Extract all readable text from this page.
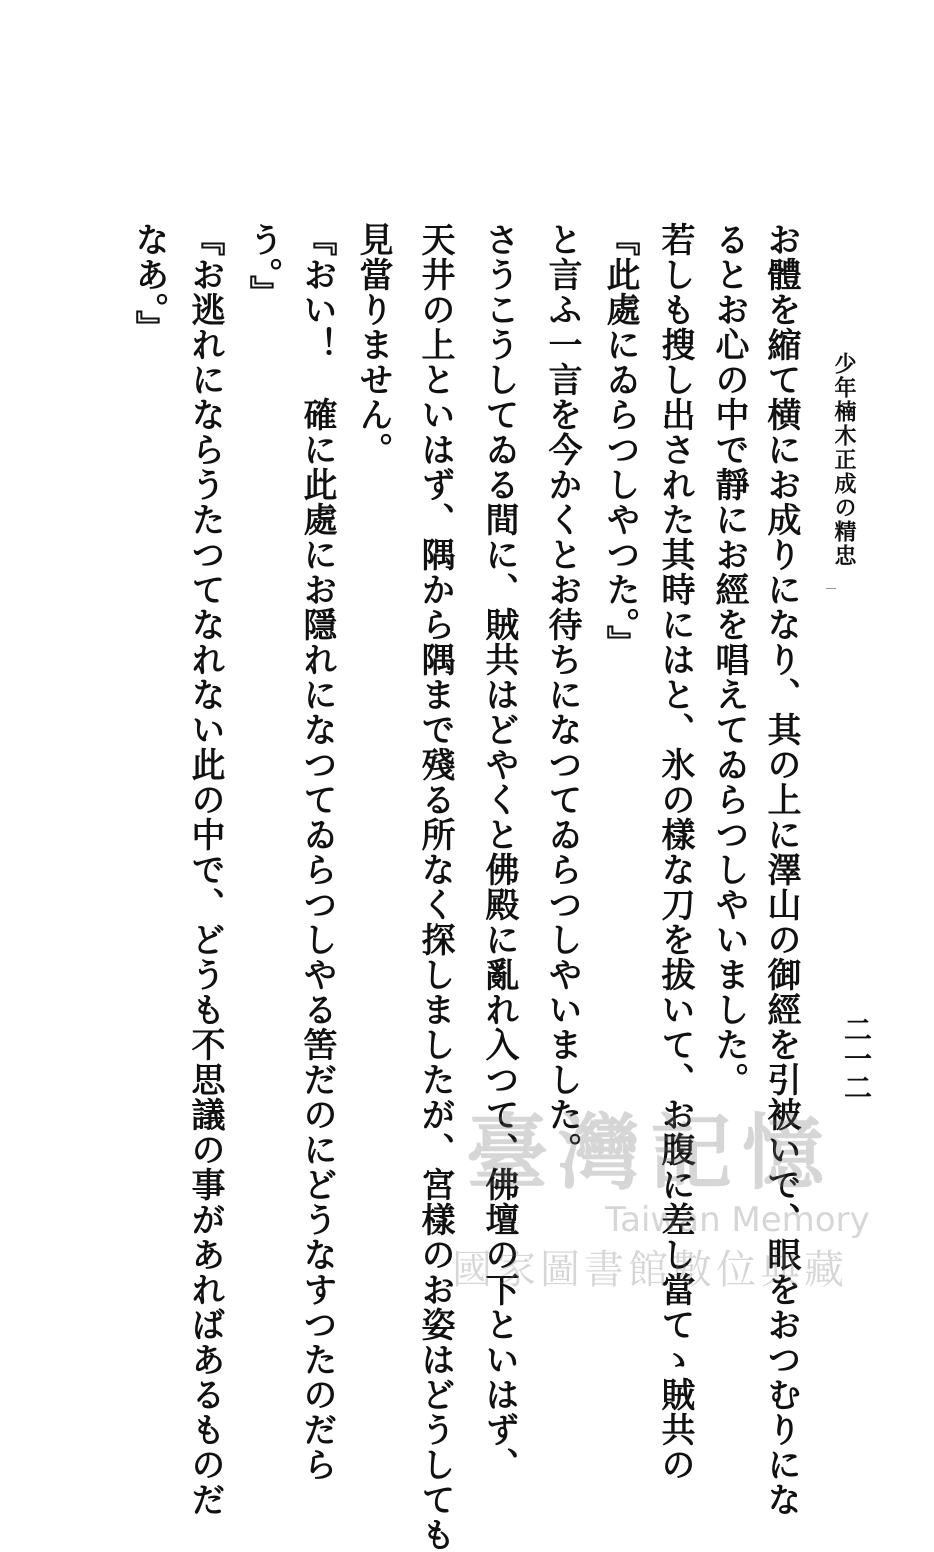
少年楠木正成の精忠
二一二
お體を縮て横にお成りになり、其の上に澤山の御經を引被いで、眼をおつむりにな
るとお心の中で靜にお經を唱えてゐらつしやいました。
若しも搜し出された其時にはと、氷の樣な刀を拔いて、お腹に差し當てゝ賊共の
『此處にゐらつしやつた。』
と言ふ一言を今かくとお待ちになつてゐらつしやいました。
さうこうしてゐる間に、賊共はどやくと佛殿に亂れ入つて、佛壇の下といはず、
天井の上といはず、隅から隅まで殘る所なく探しましたが、宮樣のお姿はどうしても
見當りません。
『おい！　確に此處にお隱れになつてゐらつしやる筈だのにどうなすつたのだら
う。』
『お逃れにならうたつてなれない此の中で、どうも不思議の事があればあるものだ
なあ。』
臺灣記憶
Taiwan Memory
國家圖書館數位典藏
